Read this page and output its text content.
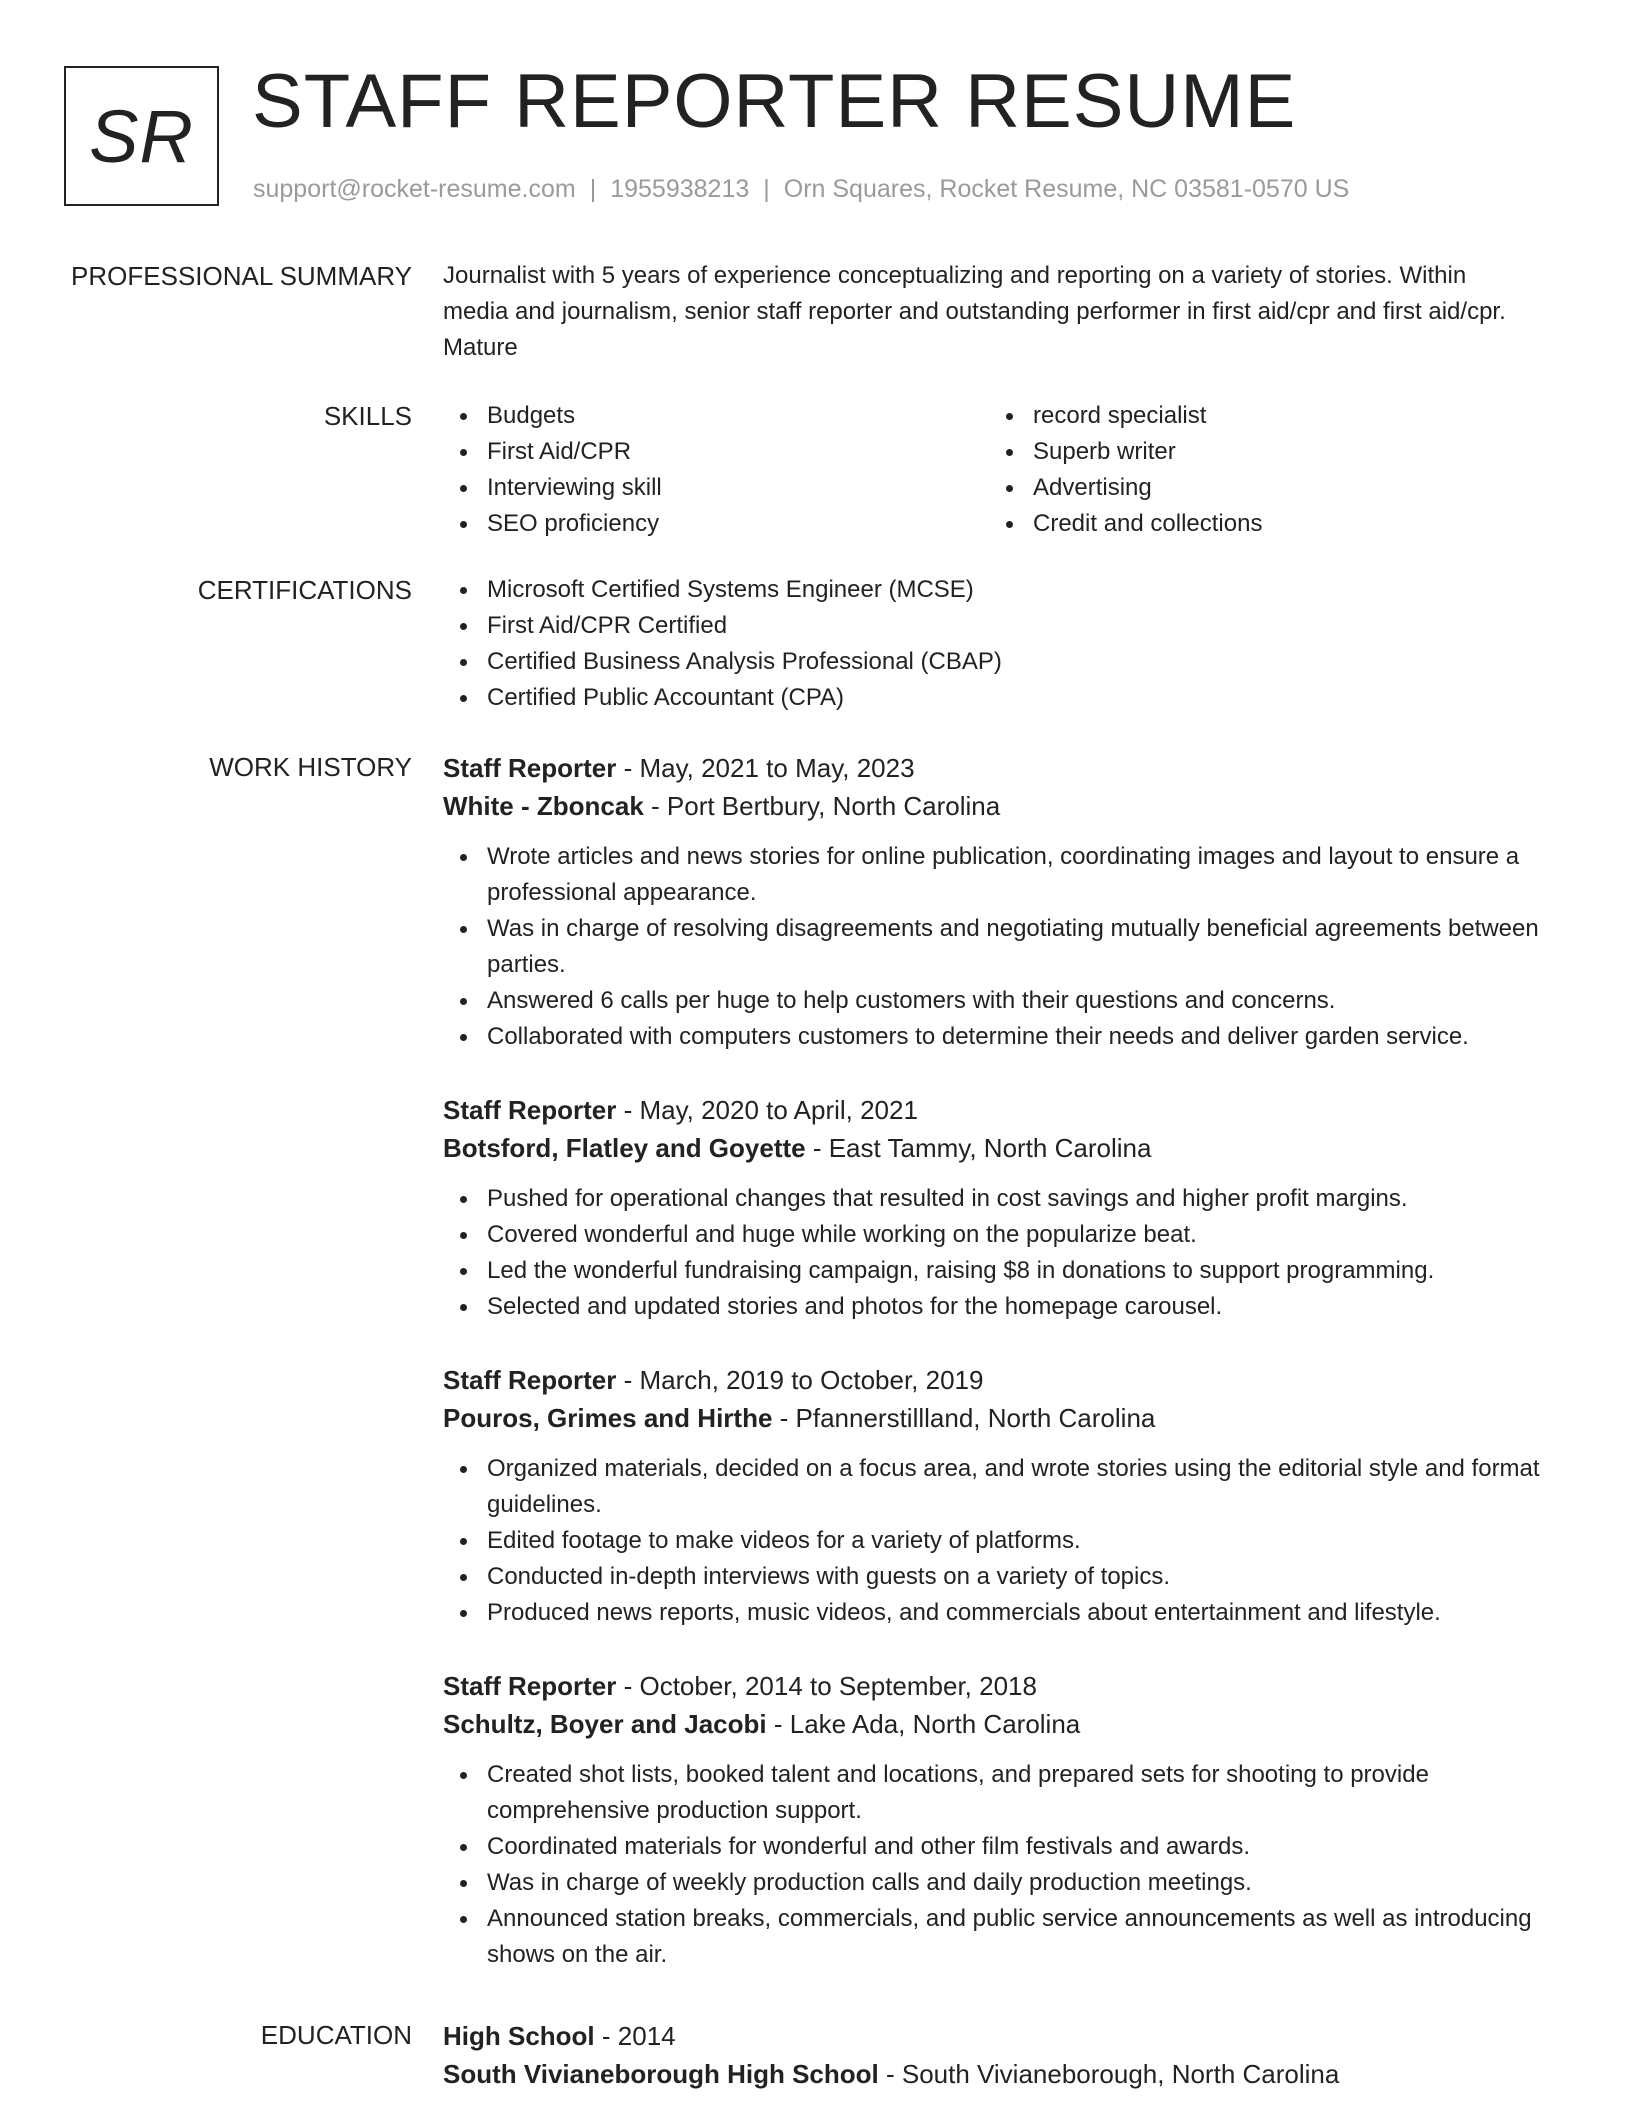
SR STAFF REPORTER RESUME
support@rocket-resume.com | 1955938213 | Orn Squares, Rocket Resume, NC 03581-0570 US
PROFESSIONAL SUMMARY Journalist with 5 years of experience conceptualizing and reporting on a variety of stories. Within media and journalism, senior staff reporter and outstanding performer in first aid/cpr and first aid/cpr. Mature

SKILLS	Budgets
First Aid/CPR
Interviewing skill
SEO proficiency
record specialist
Superb writer
Advertising
Credit and collections
CERTIFICATIONS	Microsoft Certified Systems Engineer (MCSE)
First Aid/CPR Certified
Certified Business Analysis Professional (CBAP)
Certified Public Accountant (CPA)
WORK HISTORY Staff Reporter - May, 2021 to May, 2023
White - Zboncak - Port Bertbury, North Carolina
Wrote articles and news stories for online publication, coordinating images and layout to ensure a professional appearance.
Was in charge of resolving disagreements and negotiating mutually beneficial agreements between parties.
Answered 6 calls per huge to help customers with their questions and concerns.
Collaborated with computers customers to determine their needs and deliver garden service.
Staff Reporter - May, 2020 to April, 2021
Botsford, Flatley and Goyette - East Tammy, North Carolina
Pushed for operational changes that resulted in cost savings and higher profit margins.
Covered wonderful and huge while working on the popularize beat.
Led the wonderful fundraising campaign, raising $8 in donations to support programming.
Selected and updated stories and photos for the homepage carousel.
Staff Reporter - March, 2019 to October, 2019
Pouros, Grimes and Hirthe - Pfannerstillland, North Carolina
Organized materials, decided on a focus area, and wrote stories using the editorial style and format guidelines.
Edited footage to make videos for a variety of platforms.
Conducted in-depth interviews with guests on a variety of topics.
Produced news reports, music videos, and commercials about entertainment and lifestyle.
Staff Reporter - October, 2014 to September, 2018
Schultz, Boyer and Jacobi - Lake Ada, North Carolina
Created shot lists, booked talent and locations, and prepared sets for shooting to provide comprehensive production support.
Coordinated materials for wonderful and other film festivals and awards.
Was in charge of weekly production calls and daily production meetings.
Announced station breaks, commercials, and public service announcements as well as introducing shows on the air.
EDUCATION High School - 2014
South Vivianeborough High School - South Vivianeborough, North Carolina
